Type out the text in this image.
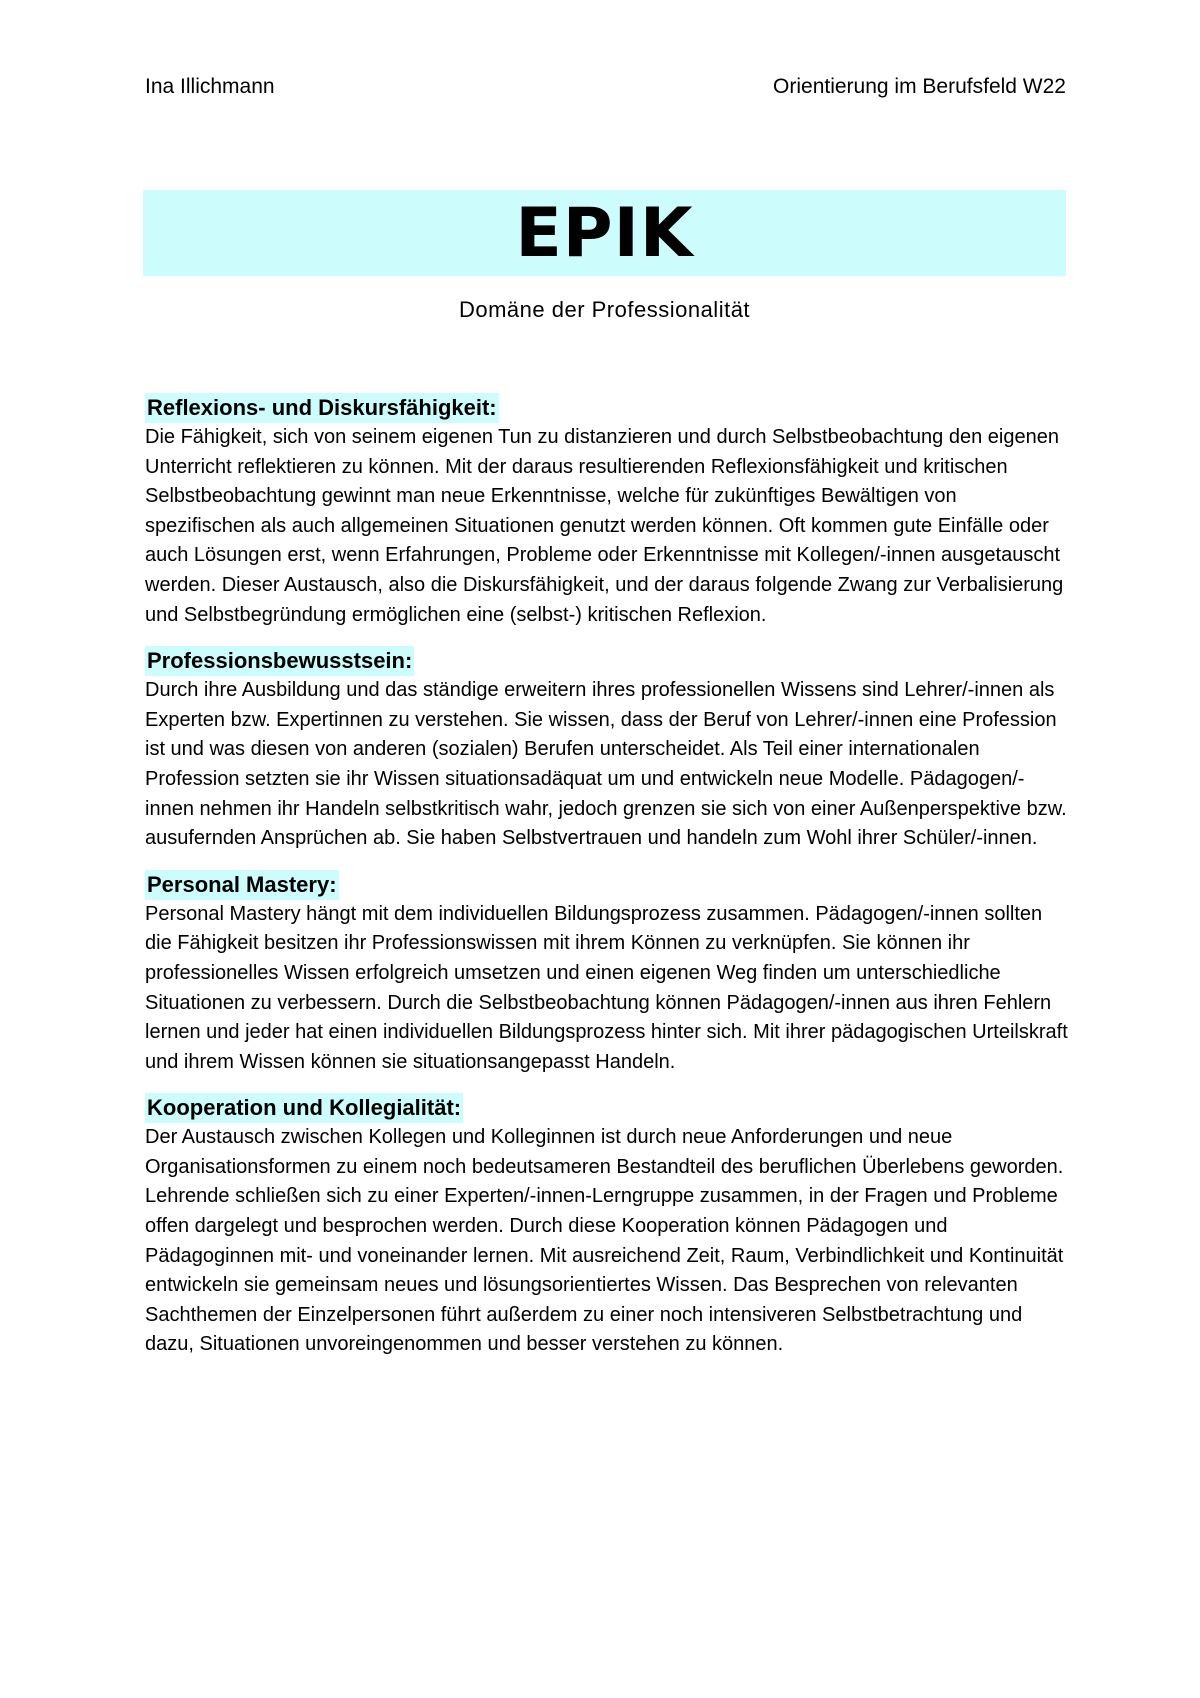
Ina Illichmann	Orientierung im Berufsfeld W22
EPIK
Domäne der Professionalität
Reflexions- und Diskursfähigkeit:

Die Fähigkeit, sich von seinem eigenen Tun zu distanzieren und durch Selbstbeobachtung den eigenen Unterricht reflektieren zu können. Mit der daraus resultierenden Reflexionsfähigkeit und kritischen Selbstbeobachtung gewinnt man neue Erkenntnisse, welche für zukünftiges Bewältigen von spezifischen als auch allgemeinen Situationen genutzt werden können. Oft kommen gute Einfälle oder auch Lösungen erst, wenn Erfahrungen, Probleme oder Erkenntnisse mit Kollegen/-innen ausgetauscht werden. Dieser Austausch, also die Diskursfähigkeit, und der daraus folgende Zwang zur Verbalisierung und Selbstbegründung ermöglichen eine (selbst-) kritischen Reflexion.

Professionsbewusstsein:

Durch ihre Ausbildung und das ständige erweitern ihres professionellen Wissens sind Lehrer/-innen als Experten bzw. Expertinnen zu verstehen. Sie wissen, dass der Beruf von Lehrer/-innen eine Profession ist und was diesen von anderen (sozialen) Berufen unterscheidet. Als Teil einer internationalen Profession setzten sie ihr Wissen situationsadäquat um und entwickeln neue Modelle. Pädagogen/-innen nehmen ihr Handeln selbstkritisch wahr, jedoch grenzen sie sich von einer Außenperspektive bzw. ausufernden Ansprüchen ab. Sie haben Selbstvertrauen und handeln zum Wohl ihrer Schüler/-innen.

Personal Mastery:

Personal Mastery hängt mit dem individuellen Bildungsprozess zusammen. Pädagogen/-innen sollten die Fähigkeit besitzen ihr Professionswissen mit ihrem Können zu verknüpfen. Sie können ihr professionelles Wissen erfolgreich umsetzen und einen eigenen Weg finden um unterschiedliche Situationen zu verbessern. Durch die Selbstbeobachtung können Pädagogen/-innen aus ihren Fehlern lernen und jeder hat einen individuellen Bildungsprozess hinter sich. Mit ihrer pädagogischen Urteilskraft und ihrem Wissen können sie situationsangepasst Handeln.

Kooperation und Kollegialität:

Der Austausch zwischen Kollegen und Kolleginnen ist durch neue Anforderungen und neue Organisationsformen zu einem noch bedeutsameren Bestandteil des beruflichen Überlebens geworden. Lehrende schließen sich zu einer Experten/-innen-Lerngruppe zusammen, in der Fragen und Probleme offen dargelegt und besprochen werden. Durch diese Kooperation können Pädagogen und Pädagoginnen mit- und voneinander lernen. Mit ausreichend Zeit, Raum, Verbindlichkeit und Kontinuität entwickeln sie gemeinsam neues und lösungsorientiertes Wissen. Das Besprechen von relevanten Sachthemen der Einzelpersonen führt außerdem zu einer noch intensiveren Selbstbetrachtung und dazu, Situationen unvoreingenommen und besser verstehen zu können.
